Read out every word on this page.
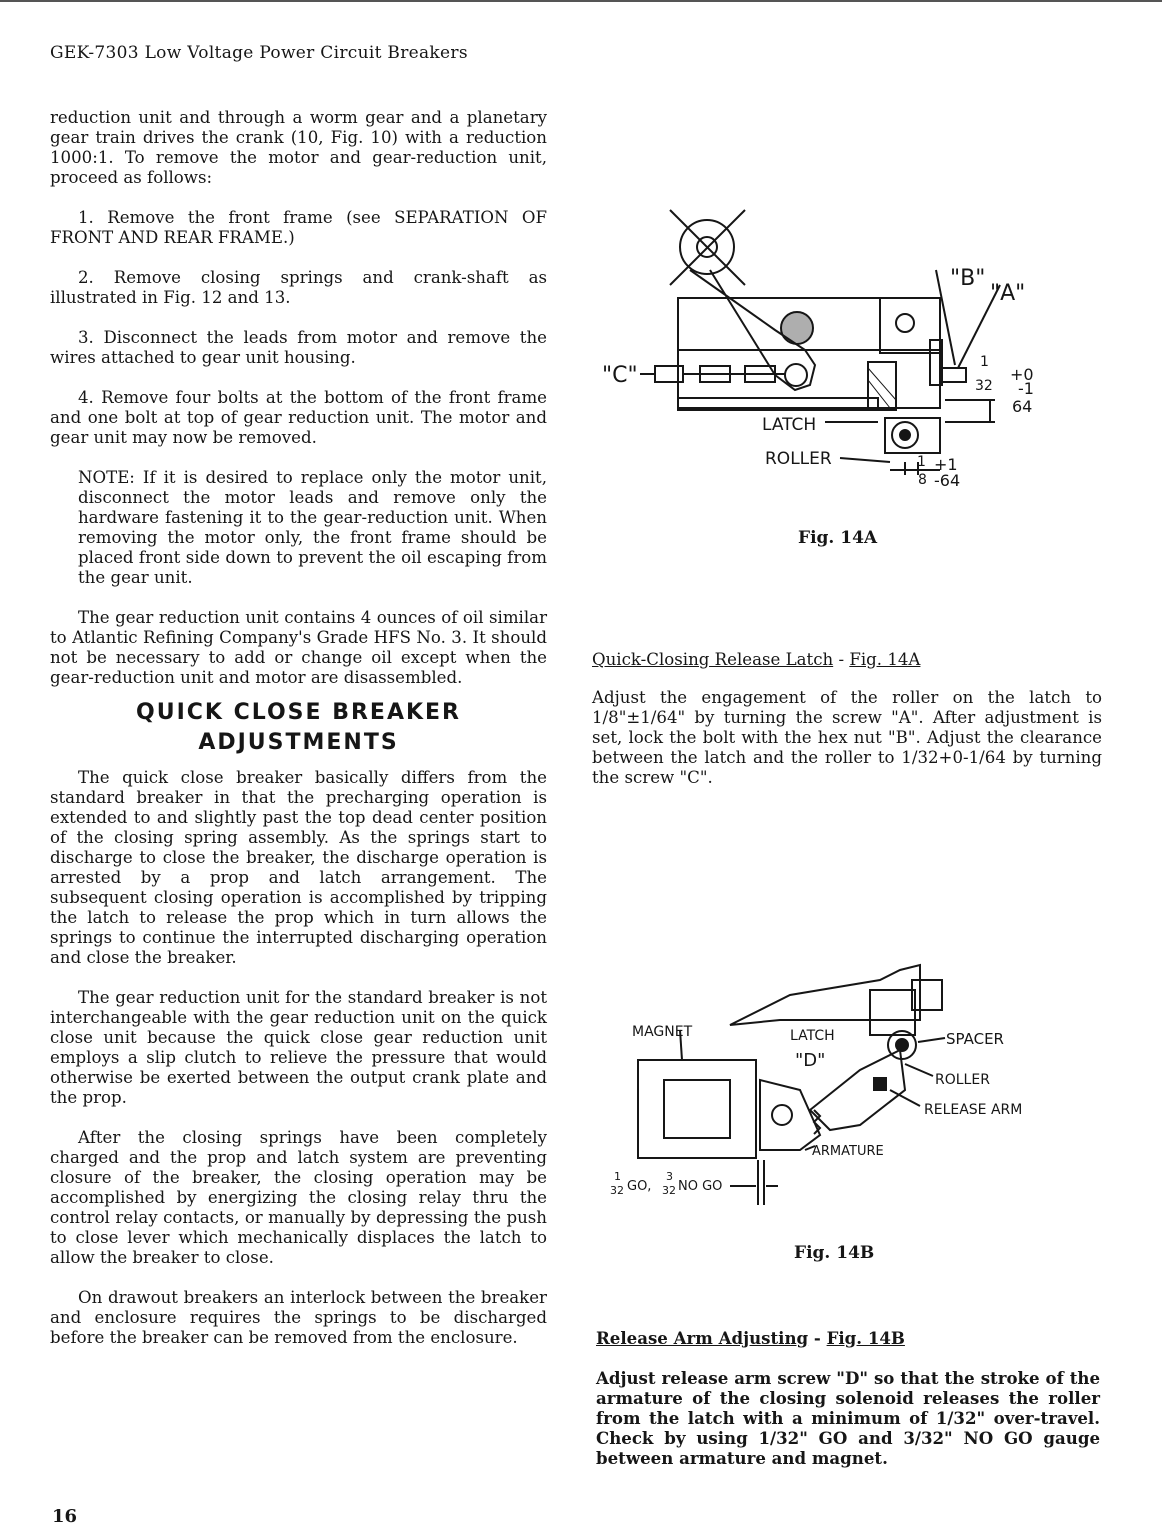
GEK-7303 Low Voltage Power Circuit Breakers

reduction unit and through a worm gear and a planetary gear train drives the crank (10, Fig. 10) with a reduction 1000:1. To remove the motor and gear-reduction unit, proceed as follows:

1. Remove the front frame (see SEPARATION OF FRONT AND REAR FRAME.)

2. Remove closing springs and crank-shaft as illustrated in Fig. 12 and 13.

3. Disconnect the leads from motor and remove the wires attached to gear unit housing.

4. Remove four bolts at the bottom of the front frame and one bolt at top of gear reduction unit. The motor and gear unit may now be removed.

NOTE: If it is desired to replace only the motor unit, disconnect the motor leads and remove only the hardware fastening it to the gear-reduction unit. When removing the motor only, the front frame should be placed front side down to prevent the oil escaping from the gear unit.

The gear reduction unit contains 4 ounces of oil similar to Atlantic Refining Company's Grade HFS No. 3. It should not be necessary to add or change oil except when the gear-reduction unit and motor are disassembled.

QUICK CLOSE BREAKER
ADJUSTMENTS

The quick close breaker basically differs from the standard breaker in that the precharging operation is extended to and slightly past the top dead center position of the closing spring assembly. As the springs start to discharge to close the breaker, the discharge operation is arrested by a prop and latch arrangement. The subsequent closing operation is accomplished by tripping the latch to release the prop which in turn allows the springs to continue the interrupted discharging operation and close the breaker.

The gear reduction unit for the standard breaker is not interchangeable with the gear reduction unit on the quick close unit because the quick close gear reduction unit employs a slip clutch to relieve the pressure that would otherwise be exerted between the output crank plate and the prop.

After the closing springs have been completely charged and the prop and latch system are preventing closure of the breaker, the closing operation may be accomplished by energizing the closing relay thru the control relay contacts, or manually by depressing the push to close lever which mechanically displaces the latch to allow the breaker to close.

On drawout breakers an interlock between the breaker and enclosure requires the springs to be discharged before the breaker can be removed from the enclosure.

"B"
"A"
"C"
LATCH
ROLLER
1
32
+0
-1
64
1
8
+1
-64
Fig. 14A

Quick-Closing Release Latch - Fig. 14A

Adjust the engagement of the roller on the latch to 1/8"±1/64" by turning the screw "A". After adjustment is set, lock the bolt with the hex nut "B". Adjust the clearance between the latch and the roller to 1/32+0-1/64 by turning the screw "C".

MAGNET	LATCH
"D"
SPACER
ROLLER
RELEASE ARM
ARMATURE
1
32 GO,
3
32 NO GO
Fig. 14B

Release Arm Adjusting - Fig. 14B

Adjust release arm screw "D" so that the stroke of the armature of the closing solenoid releases the roller from the latch with a minimum of 1/32" over-travel. Check by using 1/32" GO and 3/32" NO GO gauge between armature and magnet.

16
